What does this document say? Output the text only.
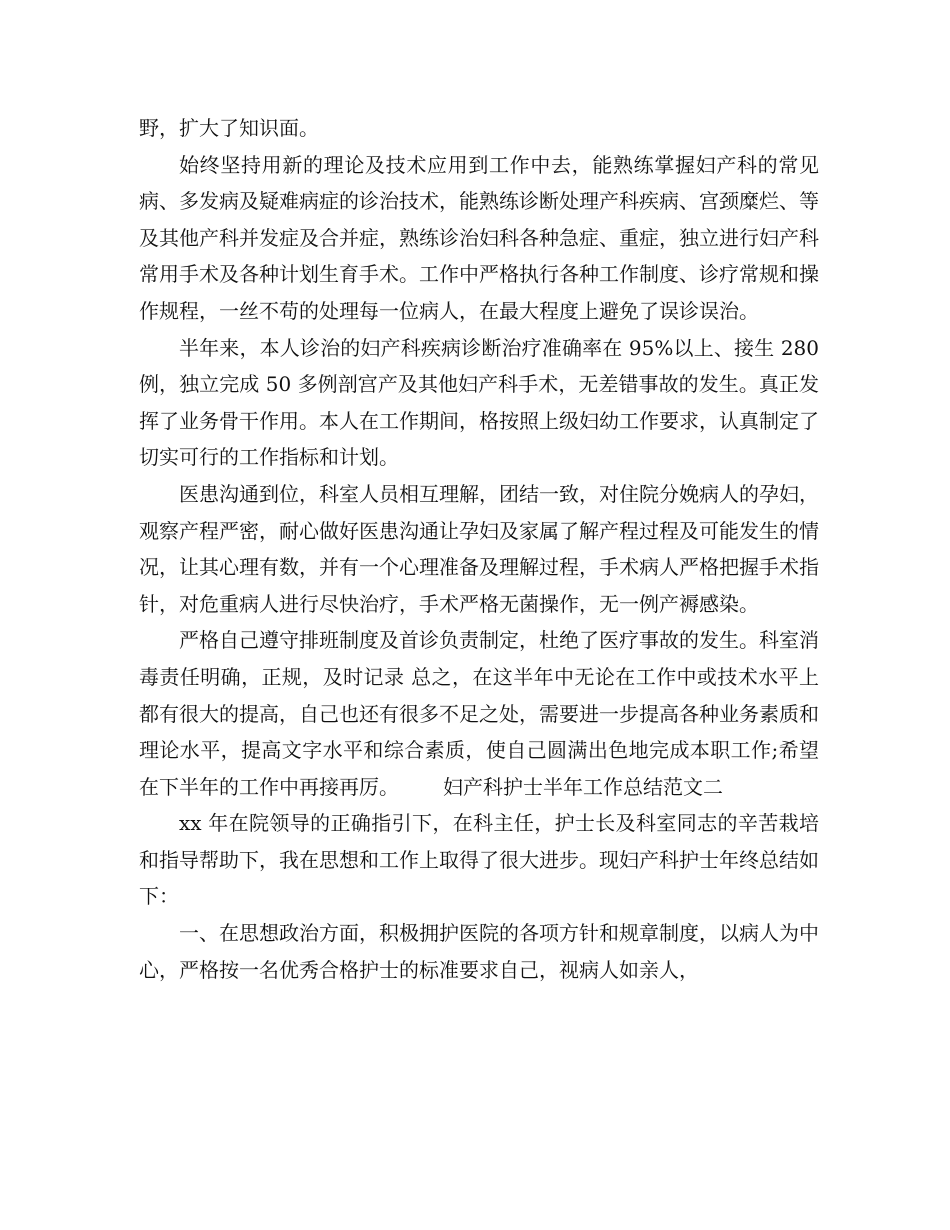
野，扩大了知识面。

始终坚持用新的理论及技术应用到工作中去，能熟练掌握妇产科的常见病、多发病及疑难病症的诊治技术，能熟练诊断处理产科疾病、宫颈糜烂、等及其他产科并发症及合并症，熟练诊治妇科各种急症、重症，独立进行妇产科常用手术及各种计划生育手术。工作中严格执行各种工作制度、诊疗常规和操作规程，一丝不苟的处理每一位病人，在最大程度上避免了误诊误治。

半年来，本人诊治的妇产科疾病诊断治疗准确率在 95%以上、接生 280 例，独立完成 50 多例剖宫产及其他妇产科手术，无差错事故的发生。真正发挥了业务骨干作用。本人在工作期间，格按照上级妇幼工作要求，认真制定了切实可行的工作指标和计划。

医患沟通到位，科室人员相互理解，团结一致，对住院分娩病人的孕妇，观察产程严密，耐心做好医患沟通让孕妇及家属了解产程过程及可能发生的情况，让其心理有数，并有一个心理准备及理解过程，手术病人严格把握手术指针，对危重病人进行尽快治疗，手术严格无菌操作，无一例产褥感染。

严格自己遵守排班制度及首诊负责制定，杜绝了医疗事故的发生。科室消毒责任明确，正规，及时记录 总之，在这半年中无论在工作中或技术水平上都有很大的提高，自己也还有很多不足之处，需要进一步提高各种业务素质和理论水平，提高文字水平和综合素质，使自己圆满出色地完成本职工作;希望在下半年的工作中再接再厉。 妇产科护士半年工作总结范文二

xx 年在院领导的正确指引下，在科主任，护士长及科室同志的辛苦栽培和指导帮助下，我在思想和工作上取得了很大进步。现妇产科护士年终总结如下：

一、在思想政治方面，积极拥护医院的各项方针和规章制度，以病人为中心，严格按一名优秀合格护士的标准要求自己，视病人如亲人，
